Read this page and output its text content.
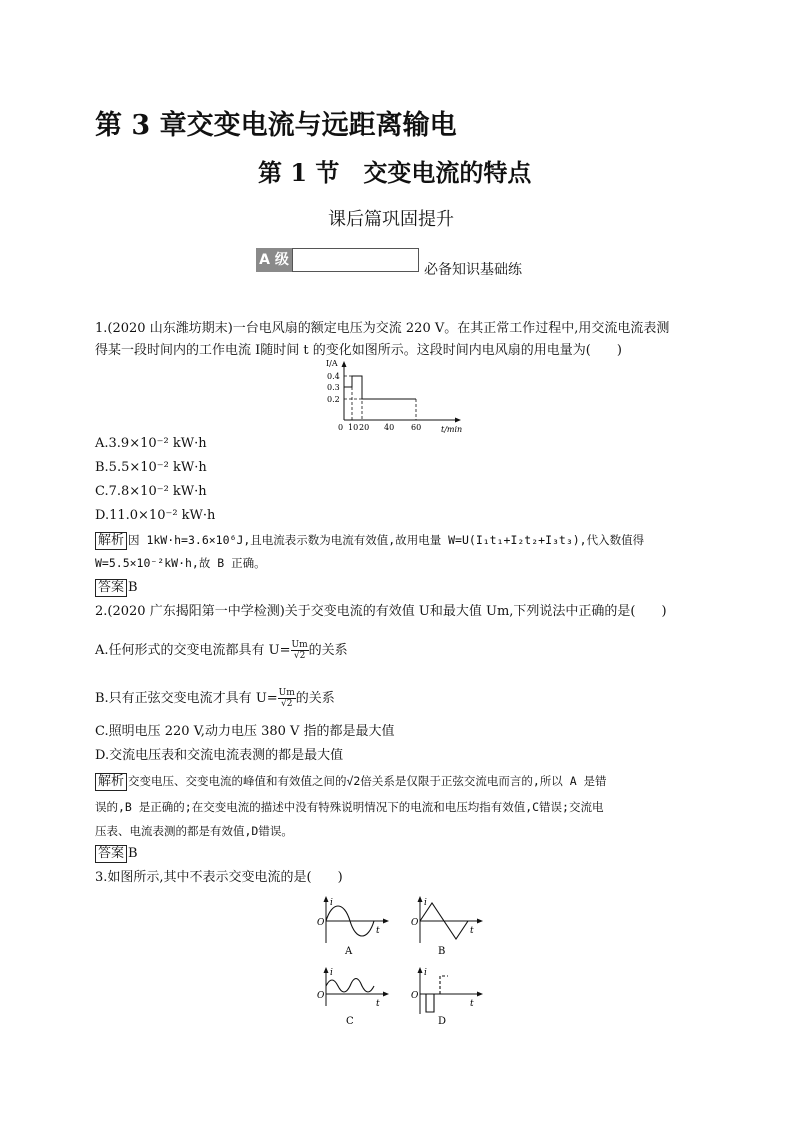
第 3 章交变电流与远距离输电
第 1 节　交变电流的特点
课后篇巩固提升
A 级
必备知识基础练
1.(2020 山东潍坊期末)一台电风扇的额定电压为交流 220 V。在其正常工作过程中,用交流电流表测
得某一段时间内的工作电流 I随时间 t 的变化如图所示。这段时间内电风扇的用电量为(　　)
I/A
0.4
0.3
0.2
0 10 20 40 60 t/min
A.3.9×10⁻² kW·h
B.5.5×10⁻² kW·h
C.7.8×10⁻² kW·h
D.11.0×10⁻² kW·h
解析 因 1kW·h=3.6×10⁶J,且电流表示数为电流有效值,故用电量 W=U(I₁t₁+I₂t₂+I₃t₃),代入数值得
W=5.5×10⁻²kW·h,故 B 正确。
答案 B
2.(2020 广东揭阳第一中学检测)关于交变电流的有效值 U和最大值 Um,下列说法中正确的是(　　)
A.任何形式的交变电流都具有 $U= \frac{Um}{√2}$ 的关系
B.只有正弦交变电流才具有 $U= \frac{Um}{√2}$ 的关系
C.照明电压 220 V,动力电压 380 V 指的都是最大值
D.交流电压表和交流电流表测的都是最大值
解析 交变电压、交变电流的峰值和有效值之间的√2倍关系是仅限于正弦交流电而言的,所以 A 是错
误的,B 是正确的;在交变电流的描述中没有特殊说明情况下的电流和电压均指有效值,C错误;交流电
压表、电流表测的都是有效值,D错误。
答案 B
3.如图所示,其中不表示交变电流的是(　　)
i
O
t
A
i
O
t
B
i
O
t
C
i
O
t
D
